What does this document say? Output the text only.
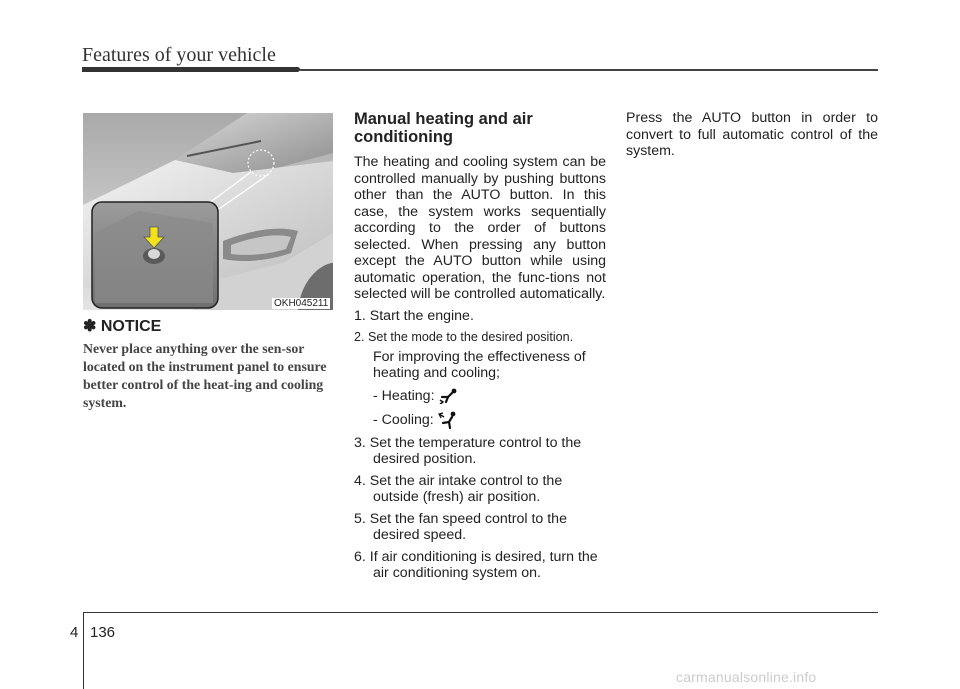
Features of your vehicle
OKH045211
✽ NOTICE
Never place anything over the sen-sor located on the instrument panel to ensure better control of the heat-ing and cooling system.
Manual heating and air conditioning

The heating and cooling system can be controlled manually by pushing buttons other than the AUTO button. In this case, the system works sequentially according to the order of buttons selected. When pressing any button except the AUTO button while using automatic operation, the func-tions not selected will be controlled automatically.

1. Start the engine.

2. Set the mode to the desired position.

For improving the effectiveness of heating and cooling;

- Heating:

- Cooling:

3. Set the temperature control to the desired position.

4. Set the air intake control to the outside (fresh) air position.

5. Set the fan speed control to the desired speed.

6. If air conditioning is desired, turn the air conditioning system on.

Press the AUTO button in order to convert to full automatic control of the system.
4 136
carmanualsonline.info
